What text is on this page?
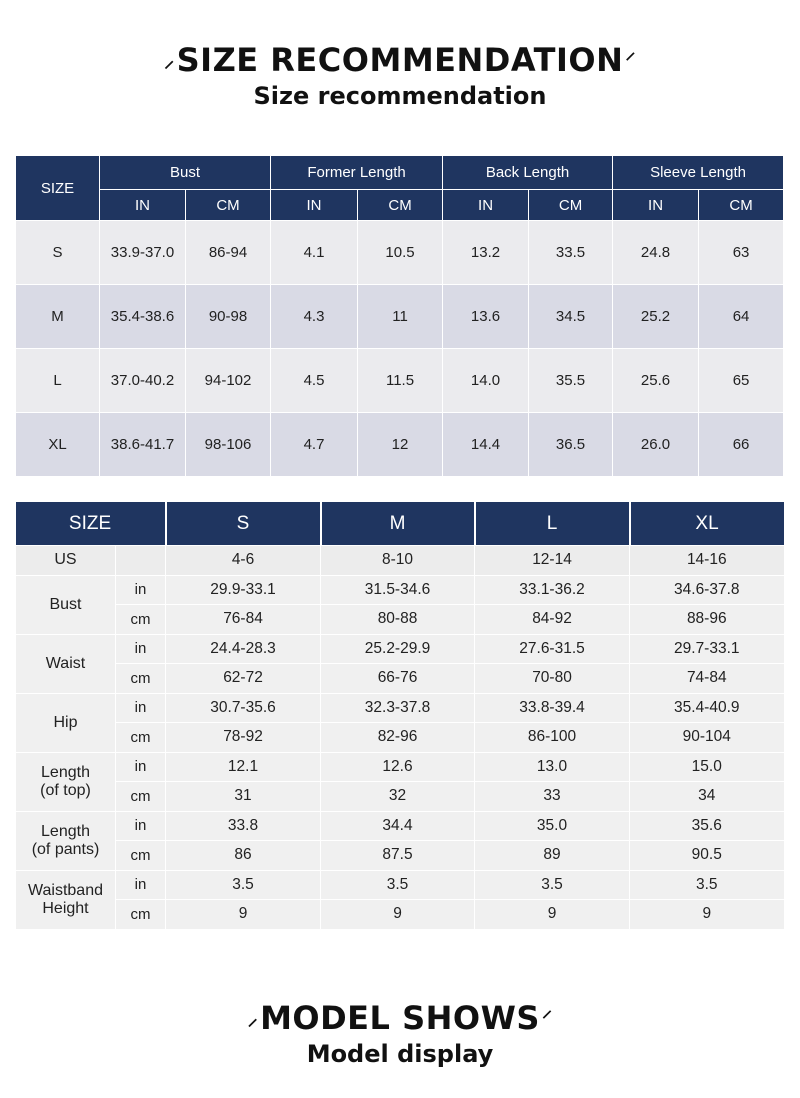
⸝SIZE RECOMMENDATION ⸍
Size recommendation
SIZE	Bust		Former Length		Back Length		Sleeve Length	
	IN	CM	IN	CM	IN	CM	IN	CM
S	33.9-37.0	86-94	4.1	10.5	13.2	33.5	24.8	63
M	35.4-38.6	90-98	4.3	11	13.6	34.5	25.2	64
L	37.0-40.2	94-102	4.5	11.5	14.0	35.5	25.6	65
XL	38.6-41.7	98-106	4.7	12	14.4	36.5	26.0	66
SIZE		S	M	L	XL
US		4-6	8-10	12-14	14-16
Bust	in	29.9-33.1	31.5-34.6	33.1-36.2	34.6-37.8
	cm	76-84	80-88	84-92	88-96
Waist	in	24.4-28.3	25.2-29.9	27.6-31.5	29.7-33.1
	cm	62-72	66-76	70-80	74-84
Hip	in	30.7-35.6	32.3-37.8	33.8-39.4	35.4-40.9
	cm	78-92	82-96	86-100	90-104
Length
(of top)	in	12.1	12.6	13.0	15.0
	cm	31	32	33	34
Length
(of pants)	in	33.8	34.4	35.0	35.6
	cm	86	87.5	89	90.5
Waistband
Height	in	3.5	3.5	3.5	3.5
	cm	9	9	9	9
⸝MODEL SHOWS ⸍
Model display
